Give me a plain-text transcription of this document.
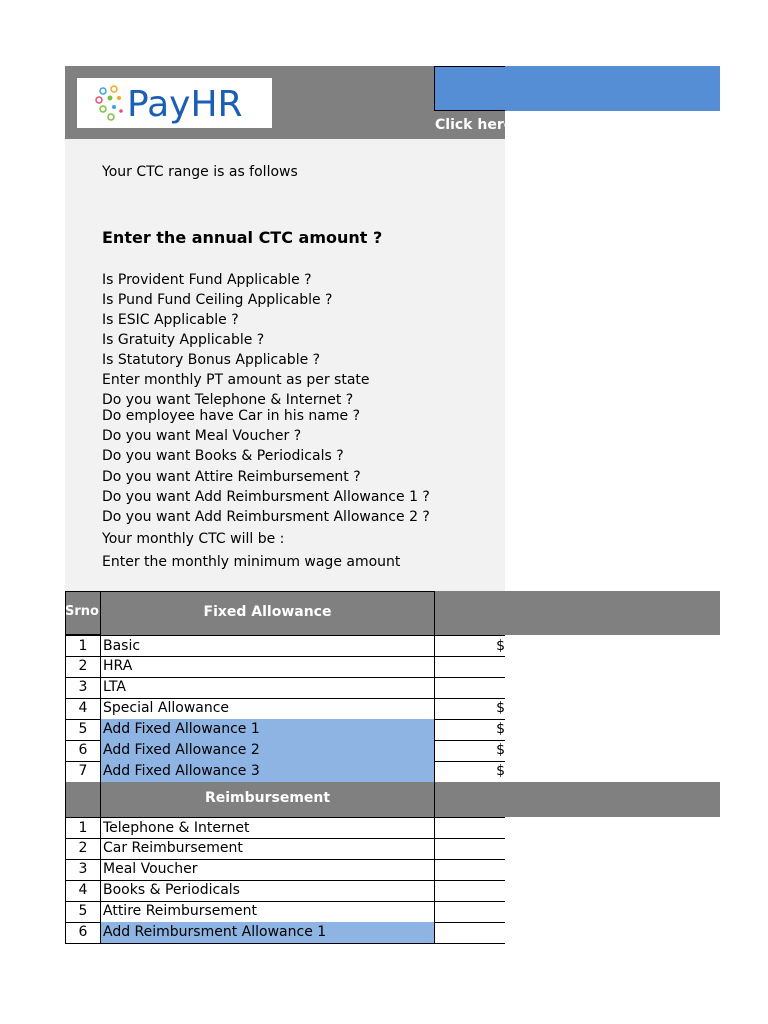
PayHR	Click here to
Your CTC range is as follows
Enter the annual CTC amount ?
Is Provident Fund Applicable ?
Is Pund Fund Ceiling Applicable ?
Is ESIC Applicable ?
Is Gratuity Applicable ?
Is Statutory Bonus Applicable ?
Enter monthly PT amount as per state
Do you want Telephone & Internet ?
Do employee have Car in his name ?
Do you want Meal Voucher ?
Do you want Books & Periodicals ?
Do you want Attire Reimbursement ?
Do you want Add Reimbursment Allowance 1 ?
Do you want Add Reimbursment Allowance 2 ?
Your monthly CTC will be :
Enter the monthly minimum wage amount
Srno	Fixed Allowance
1	Basic	$
2	HRA
3	LTA
4	Special Allowance	$
5	Add Fixed Allowance 1	$
6	Add Fixed Allowance 2	$
7	Add Fixed Allowance 3	$
Reimbursement
1	Telephone & Internet
2	Car Reimbursement
3	Meal Voucher
4	Books & Periodicals
5	Attire Reimbursement
6	Add Reimbursment Allowance 1
